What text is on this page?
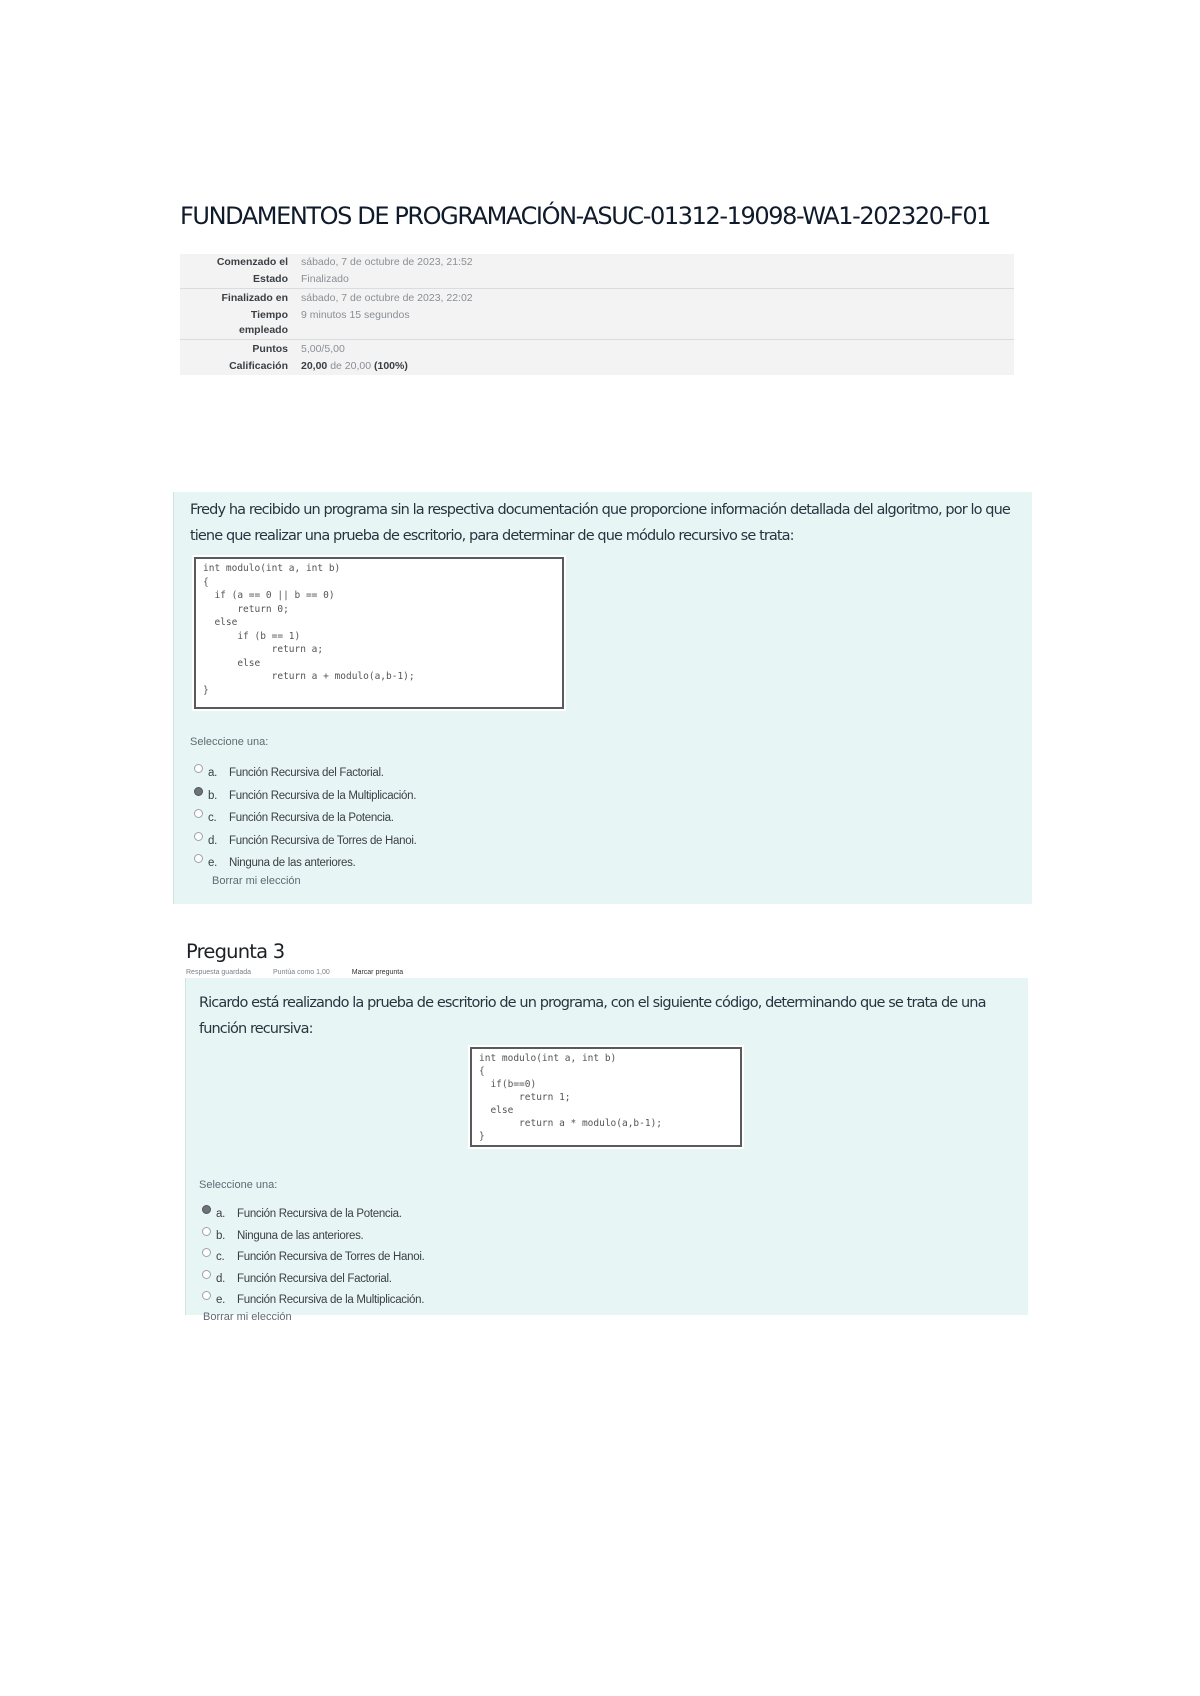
FUNDAMENTOS DE PROGRAMACIÓN-ASUC-01312-19098-WA1-202320-F01
Comenzado el	sábado, 7 de octubre de 2023, 21:52
Estado	Finalizado
Finalizado en	sábado, 7 de octubre de 2023, 22:02
Tiempo
empleado	9 minutos 15 segundos
Puntos	5,00/5,00
Calificación	20,00 de 20,00 (100%)

Fredy ha recibido un programa sin la respectiva documentación que proporcione información detallada del algoritmo, por lo que tiene que realizar una prueba de escritorio, para determinar de que módulo recursivo se trata:

int modulo(int a, int b)
{
if (a == 0 || b == 0)
return 0;
else
if (b == 1)
return a;
else
return a + modulo(a,b-1);
}
Seleccione una:
a. Función Recursiva del Factorial.
b. Función Recursiva de la Multiplicación.
c. Función Recursiva de la Potencia.
d. Función Recursiva de Torres de Hanoi.
e. Ninguna de las anteriores.
Borrar mi elección
Pregunta 3
Respuesta guardada	Puntúa como 1,00	Marcar pregunta

Ricardo está realizando la prueba de escritorio de un programa, con el siguiente código, determinando que se trata de una función recursiva:

int modulo(int a, int b)
{
if(b==0)
return 1;
else
return a * modulo(a,b-1);
}
Seleccione una:
a. Función Recursiva de la Potencia.
b. Ninguna de las anteriores.
c. Función Recursiva de Torres de Hanoi.
d. Función Recursiva del Factorial.
e. Función Recursiva de la Multiplicación.
Borrar mi elección
